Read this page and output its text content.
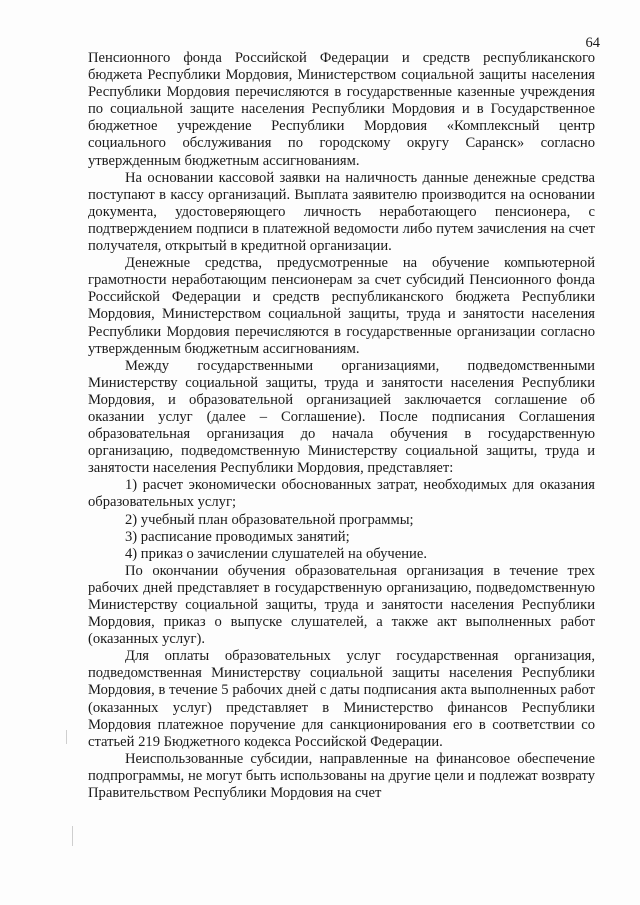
64

Пенсионного фонда Российской Федерации и средств республиканского бюджета Республики Мордовия, Министерством социальной защиты населения Республики Мордовия перечисляются в государственные казенные учреждения по социальной защите населения Республики Мордовия и в Государственное бюджетное учреждение Республики Мордовия «Комплексный центр социального обслуживания по городскому округу Саранск» согласно утвержденным бюджетным ассигнованиям.

На основании кассовой заявки на наличность данные денежные средства поступают в кассу организаций. Выплата заявителю производится на основании документа, удостоверяющего личность неработающего пенсионера, с подтверждением подписи в платежной ведомости либо путем зачисления на счет получателя, открытый в кредитной организации.

Денежные средства, предусмотренные на обучение компьютерной грамотности неработающим пенсионерам за счет субсидий Пенсионного фонда Российской Федерации и средств республиканского бюджета Республики Мордовия, Министерством социальной защиты, труда и занятости населения Республики Мордовия перечисляются в государственные организации согласно утвержденным бюджетным ассигнованиям.

Между государственными организациями, подведомственными Министерству социальной защиты, труда и занятости населения Республики Мордовия, и образовательной организацией заключается соглашение об оказании услуг (далее – Соглашение). После подписания Соглашения образовательная организация до начала обучения в государственную организацию, подведомственную Министерству социальной защиты, труда и занятости населения Республики Мордовия, представляет:

1) расчет экономически обоснованных затрат, необходимых для оказания образовательных услуг;

2) учебный план образовательной программы;

3) расписание проводимых занятий;

4) приказ о зачислении слушателей на обучение.

По окончании обучения образовательная организация в течение трех рабочих дней представляет в государственную организацию, подведомственную Министерству социальной защиты, труда и занятости населения Республики Мордовия, приказ о выпуске слушателей, а также акт выполненных работ (оказанных услуг).

Для оплаты образовательных услуг государственная организация, подведомственная Министерству социальной защиты населения Республики Мордовия, в течение 5 рабочих дней с даты подписания акта выполненных работ (оказанных услуг) представляет в Министерство финансов Республики Мордовия платежное поручение для санкционирования его в соответствии со статьей 219 Бюджетного кодекса Российской Федерации.

Неиспользованные субсидии, направленные на финансовое обеспечение подпрограммы, не могут быть использованы на другие цели и подлежат возврату Правительством Республики Мордовия на счет
